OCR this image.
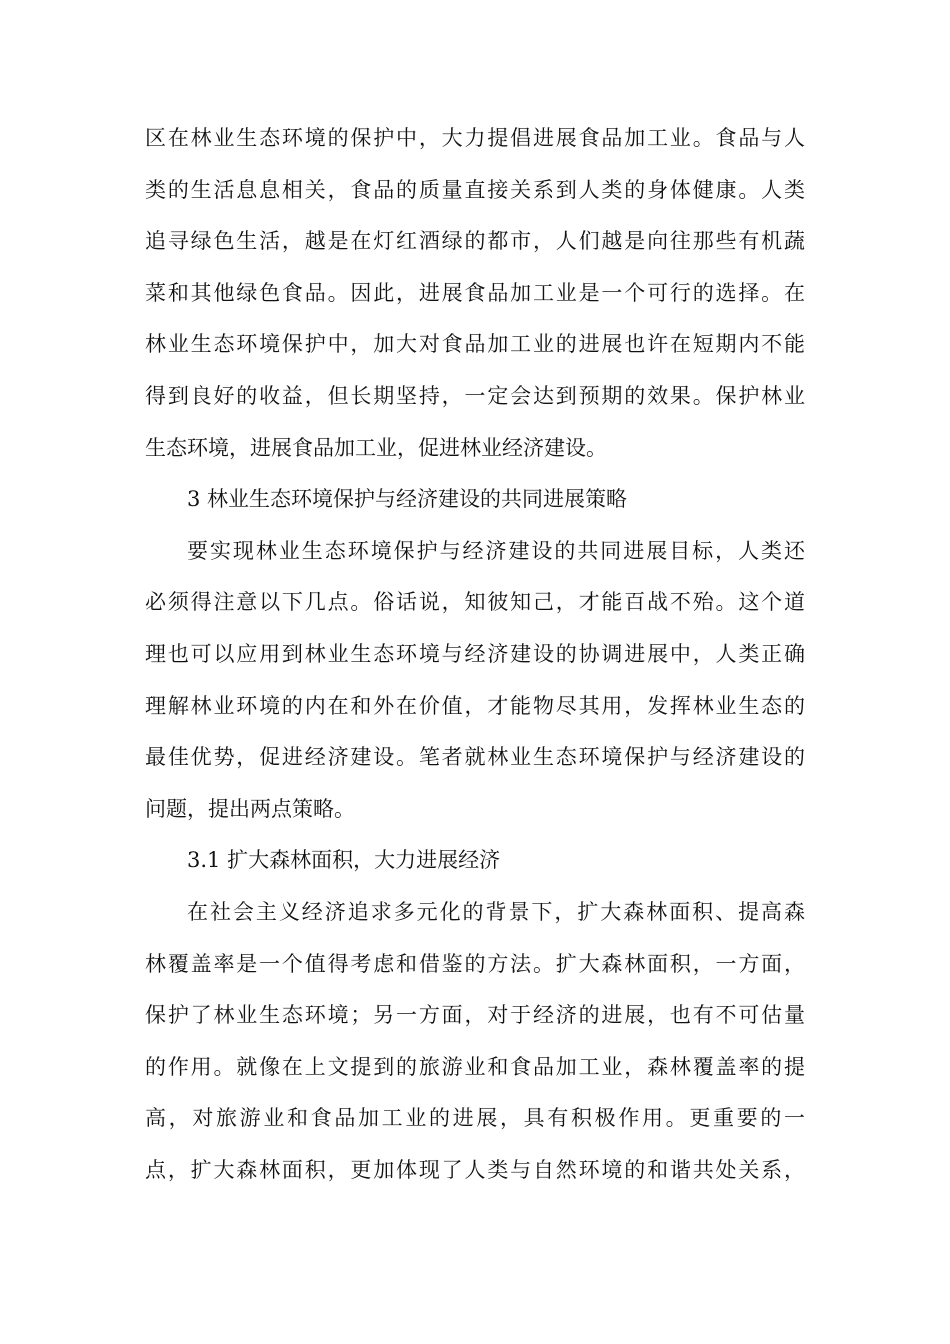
区在林业生态环境的保护中，大力提倡进展食品加工业。食品与人
类的生活息息相关，食品的质量直接关系到人类的身体健康。人类
追寻绿色生活，越是在灯红酒绿的都市，人们越是向往那些有机蔬
菜和其他绿色食品。因此，进展食品加工业是一个可行的选择。在
林业生态环境保护中，加大对食品加工业的进展也许在短期内不能
得到良好的收益，但长期坚持，一定会达到预期的效果。保护林业
生态环境，进展食品加工业，促进林业经济建设。
3 林业生态环境保护与经济建设的共同进展策略
要实现林业生态环境保护与经济建设的共同进展目标，人类还
必须得注意以下几点。俗话说，知彼知己，才能百战不殆。这个道
理也可以应用到林业生态环境与经济建设的协调进展中，人类正确
理解林业环境的内在和外在价值，才能物尽其用，发挥林业生态的
最佳优势，促进经济建设。笔者就林业生态环境保护与经济建设的
问题，提出两点策略。
3.1 扩大森林面积，大力进展经济
在社会主义经济追求多元化的背景下，扩大森林面积、提高森
林覆盖率是一个值得考虑和借鉴的方法。扩大森林面积，一方面，
保护了林业生态环境；另一方面，对于经济的进展，也有不可估量
的作用。就像在上文提到的旅游业和食品加工业，森林覆盖率的提
高，对旅游业和食品加工业的进展，具有积极作用。更重要的一
点，扩大森林面积，更加体现了人类与自然环境的和谐共处关系，
